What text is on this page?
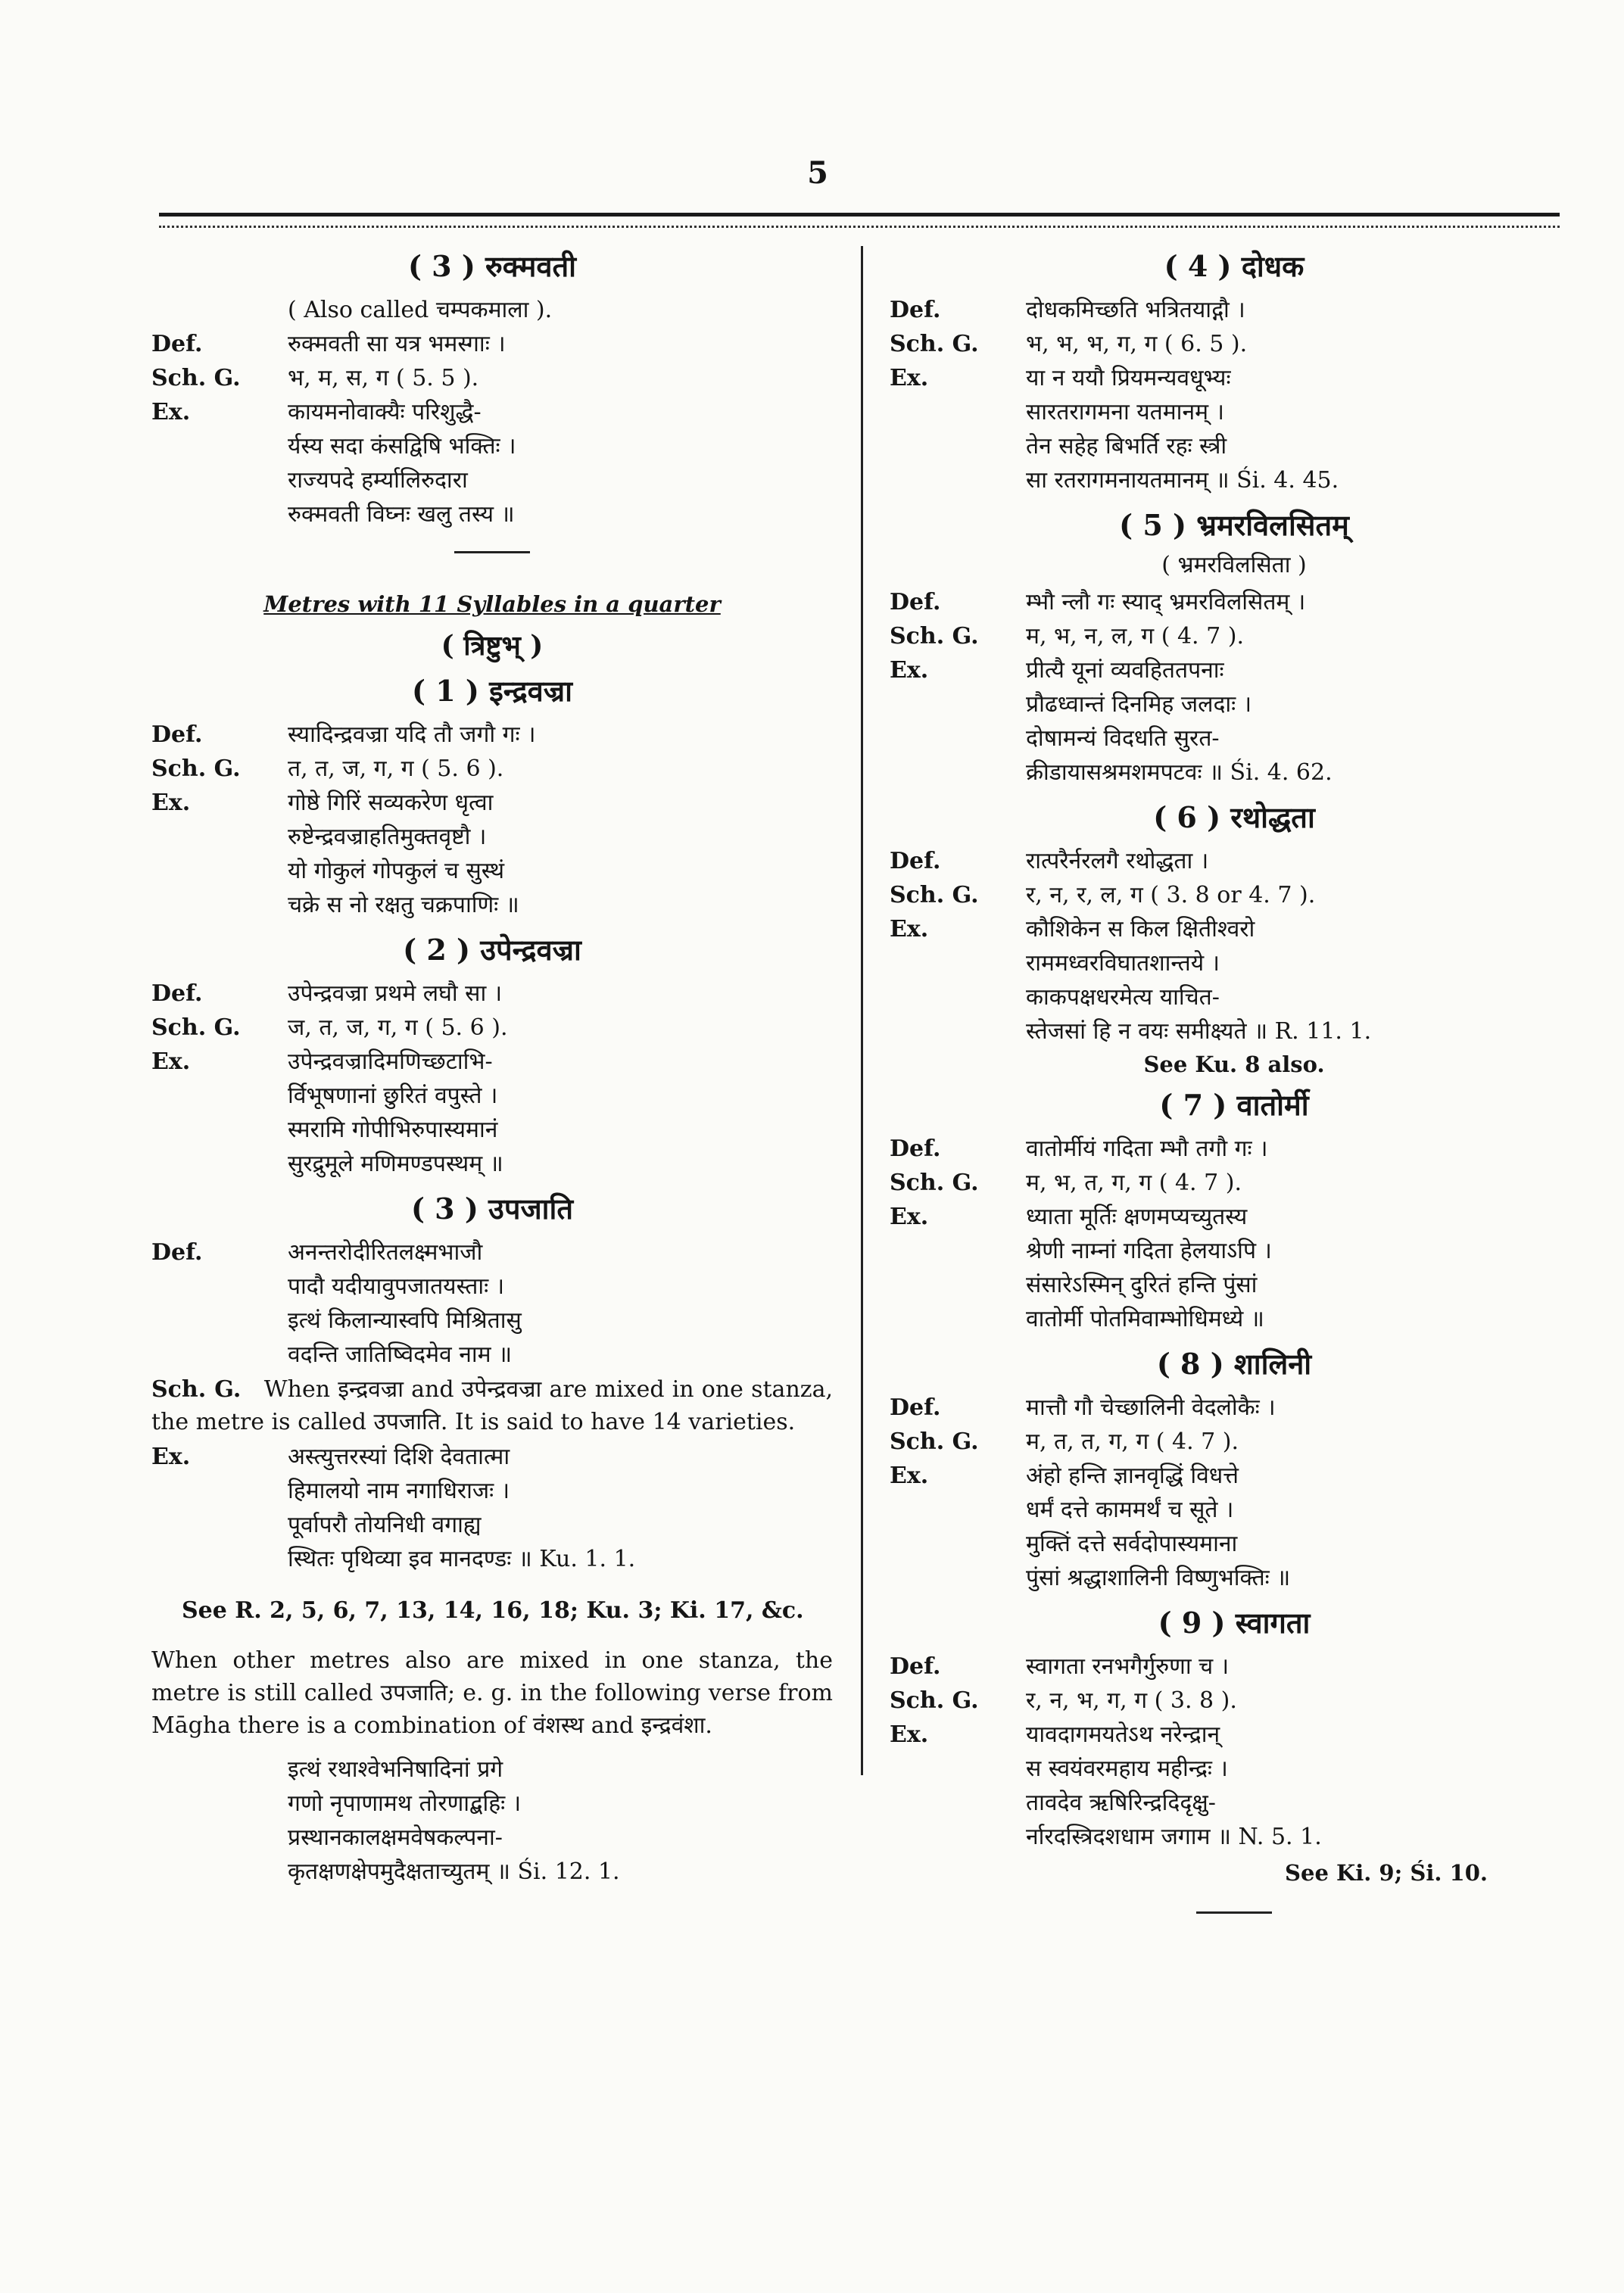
5
( 3 ) रुक्मवती
( Also called चम्पकमाला ).
Def.	रुक्मवती सा यत्र भमस्गाः ।
Sch. G.	भ, म, स, ग ( 5. 5 ).
Ex.	कायमनोवाक्यैः परिशुद्धै-
र्यस्य सदा कंसद्विषि भक्तिः ।
राज्यपदे हर्म्यालिरुदारा
रुक्मवती विघ्नः खलु तस्य ॥
Metres with 11 Syllables in a quarter
( त्रिष्टुभ् )
( 1 ) इन्द्रवज्रा
Def.	स्यादिन्द्रवज्रा यदि तौ जगौ गः ।
Sch. G.	त, त, ज, ग, ग ( 5. 6 ).
Ex.	गोष्ठे गिरिं सव्यकरेण धृत्वा
रुष्टेन्द्रवज्राहतिमुक्तवृष्टौ ।
यो गोकुलं गोपकुलं च सुस्थं
चक्रे स नो रक्षतु चक्रपाणिः ॥
( 2 ) उपेन्द्रवज्रा
Def.	उपेन्द्रवज्रा प्रथमे लघौ सा ।
Sch. G.	ज, त, ज, ग, ग ( 5. 6 ).
Ex.	उपेन्द्रवज्रादिमणिच्छटाभि-
र्विभूषणानां छुरितं वपुस्ते ।
स्मरामि गोपीभिरुपास्यमानं
सुरद्रुमूले मणिमण्डपस्थम् ॥
( 3 ) उपजाति
Def.	अनन्तरोदीरितलक्ष्मभाजौ
पादौ यदीयावुपजातयस्ताः ।
इत्थं किलान्यास्वपि मिश्रितासु
वदन्ति जातिष्विदमेव नाम ॥
Sch. G. When इन्द्रवज्रा and उपेन्द्रवज्रा are mixed in one stanza, the metre is called उपजाति. It is said to have 14 varieties.
Ex.	अस्त्युत्तरस्यां दिशि देवतात्मा
हिमालयो नाम नगाधिराजः ।
पूर्वापरौ तोयनिधी वगाह्य
स्थितः पृथिव्या इव मानदण्डः ॥ Ku. 1. 1.
See R. 2, 5, 6, 7, 13, 14, 16, 18; Ku. 3; Ki. 17, &c.
When other metres also are mixed in one stanza, the metre is still called उपजाति; e. g. in the following verse from Māgha there is a combination of वंशस्थ and इन्द्रवंशा.
इत्थं रथाश्वेभनिषादिनां प्रगे
गणो नृपाणामथ तोरणाद्बहिः ।
प्रस्थानकालक्षमवेषकल्पना-
कृतक्षणक्षेपमुदैक्षताच्युतम् ॥ Śi. 12. 1.
( 4 ) दोधक
Def.	दोधकमिच्छति भत्रितयाद्गौ ।
Sch. G.	भ, भ, भ, ग, ग ( 6. 5 ).
Ex.	या न ययौ प्रियमन्यवधूभ्यः
सारतरागमना यतमानम् ।
तेन सहेह बिभर्ति रहः स्त्री
सा रतरागमनायतमानम् ॥ Śi. 4. 45.
( 5 ) भ्रमरविलसितम्
( भ्रमरविलसिता )
Def.	म्भौ न्लौ गः स्याद् भ्रमरविलसितम् ।
Sch. G.	म, भ, न, ल, ग ( 4. 7 ).
Ex.	प्रीत्यै यूनां व्यवहिततपनाः
प्रौढध्वान्तं दिनमिह जलदाः ।
दोषामन्यं विदधति सुरत-
क्रीडायासश्रमशमपटवः ॥ Śi. 4. 62.
( 6 ) रथोद्धता
Def.	रात्परैर्नरलगै रथोद्धता ।
Sch. G.	र, न, र, ल, ग ( 3. 8 or 4. 7 ).
Ex.	कौशिकेन स किल क्षितीश्वरो
राममध्वरविघातशान्तये ।
काकपक्षधरमेत्य याचित-
स्तेजसां हि न वयः समीक्ष्यते ॥ R. 11. 1.
See Ku. 8 also.
( 7 ) वातोर्मी
Def.	वातोर्मीयं गदिता म्भौ तगौ गः ।
Sch. G.	म, भ, त, ग, ग ( 4. 7 ).
Ex.	ध्याता मूर्तिः क्षणमप्यच्युतस्य
श्रेणी नाम्नां गदिता हेलयाऽपि ।
संसारेऽस्मिन् दुरितं हन्ति पुंसां
वातोर्मी पोतमिवाम्भोधिमध्ये ॥
( 8 ) शालिनी
Def.	मात्तौ गौ चेच्छालिनी वेदलोकैः ।
Sch. G.	म, त, त, ग, ग ( 4. 7 ).
Ex.	अंहो हन्ति ज्ञानवृद्धिं विधत्ते
धर्मं दत्ते काममर्थं च सूते ।
मुक्तिं दत्ते सर्वदोपास्यमाना
पुंसां श्रद्धाशालिनी विष्णुभक्तिः ॥
( 9 ) स्वागता
Def.	स्वागता रनभगैर्गुरुणा च ।
Sch. G.	र, न, भ, ग, ग ( 3. 8 ).
Ex.	यावदागमयतेऽथ नरेन्द्रान्
स स्वयंवरमहाय महीन्द्रः ।
तावदेव ऋषिरिन्द्रदिदृक्षु-
र्नारदस्त्रिदशधाम जगाम ॥ N. 5. 1.
See Ki. 9; Śi. 10.
